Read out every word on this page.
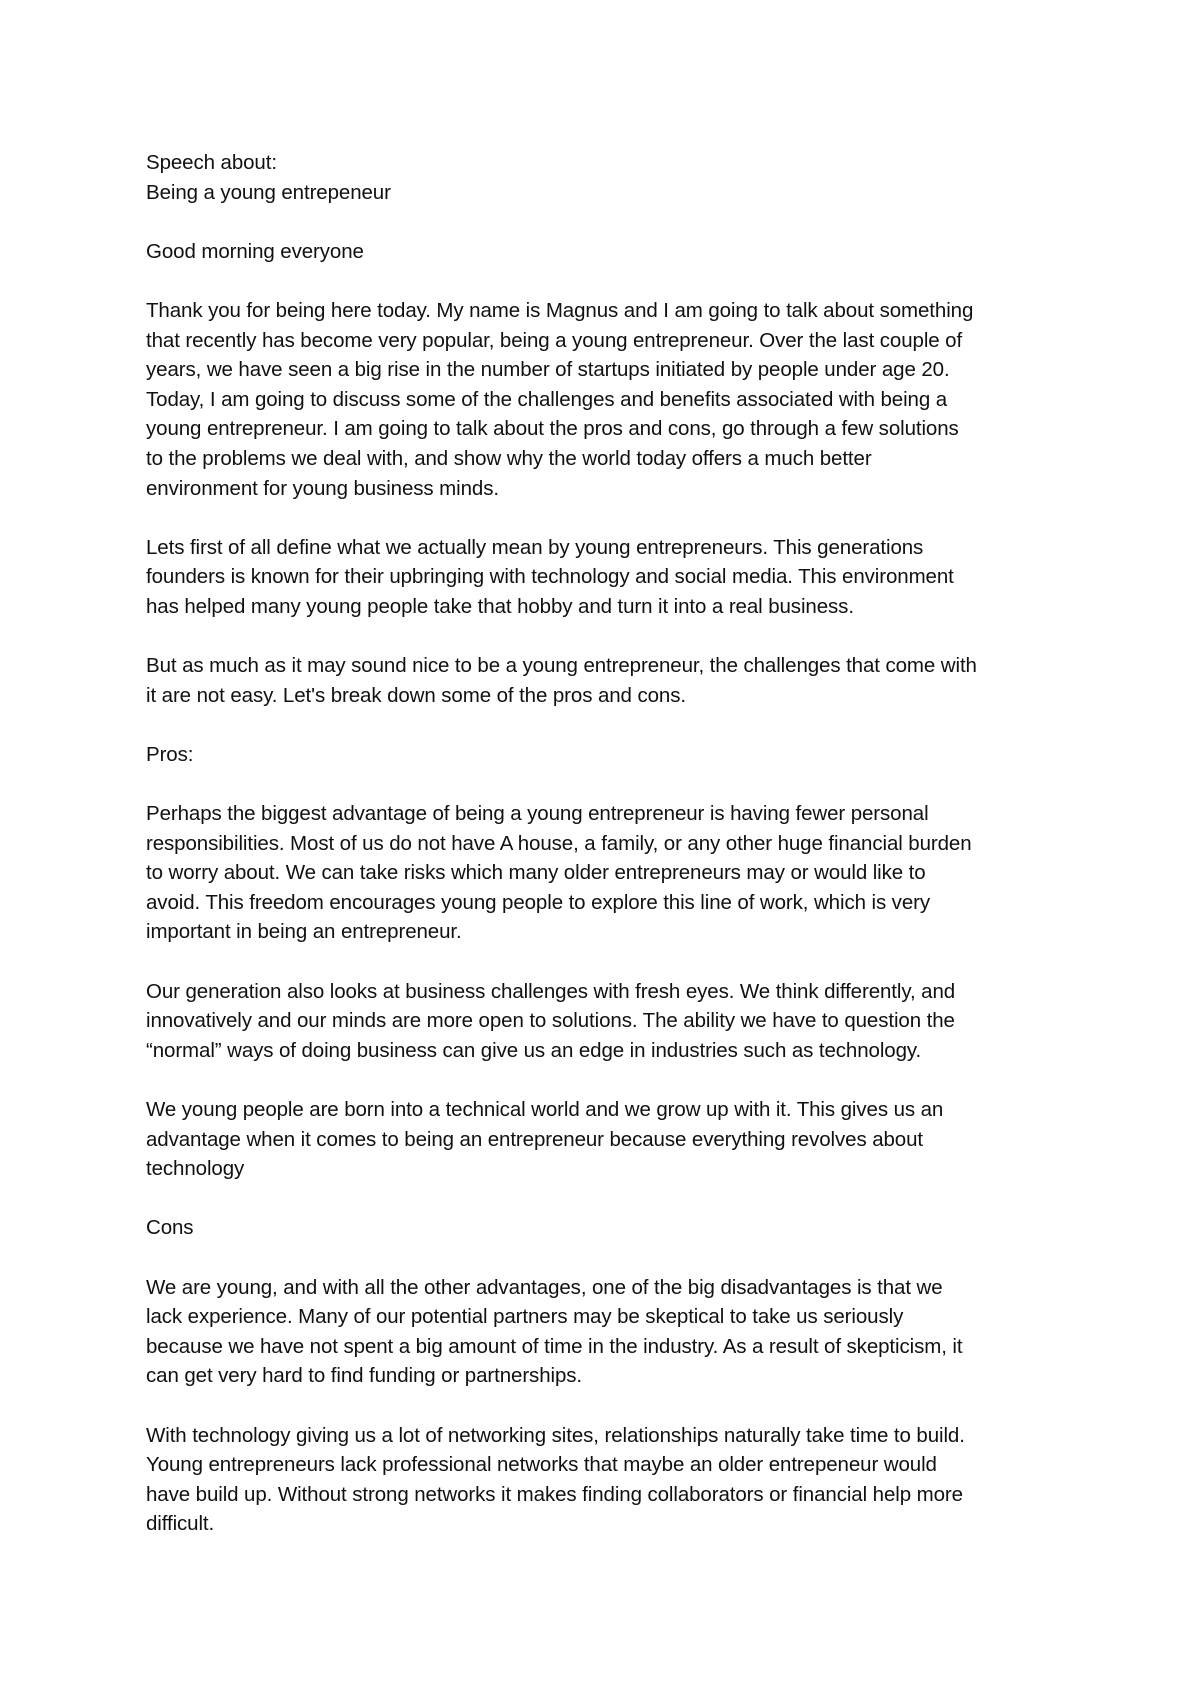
Speech about:
Being a young entrepeneur
Good morning everyone
Thank you for being here today. My name is Magnus and I am going to talk about something
that recently has become very popular, being a young entrepreneur. Over the last couple of
years, we have seen a big rise in the number of startups initiated by people under age 20.
Today, I am going to discuss some of the challenges and benefits associated with being a
young entrepreneur. I am going to talk about the pros and cons, go through a few solutions
to the problems we deal with, and show why the world today offers a much better
environment for young business minds.
Lets first of all define what we actually mean by young entrepreneurs. This generations
founders is known for their upbringing with technology and social media. This environment
has helped many young people take that hobby and turn it into a real business.
But as much as it may sound nice to be a young entrepreneur, the challenges that come with
it are not easy. Let's break down some of the pros and cons.
Pros:
Perhaps the biggest advantage of being a young entrepreneur is having fewer personal
responsibilities. Most of us do not have A house, a family, or any other huge financial burden
to worry about. We can take risks which many older entrepreneurs may or would like to
avoid. This freedom encourages young people to explore this line of work, which is very
important in being an entrepreneur.
Our generation also looks at business challenges with fresh eyes. We think differently, and
innovatively and our minds are more open to solutions. The ability we have to question the
“normal” ways of doing business can give us an edge in industries such as technology.
We young people are born into a technical world and we grow up with it. This gives us an
advantage when it comes to being an entrepreneur because everything revolves about
technology
Cons
We are young, and with all the other advantages, one of the big disadvantages is that we
lack experience. Many of our potential partners may be skeptical to take us seriously
because we have not spent a big amount of time in the industry. As a result of skepticism, it
can get very hard to find funding or partnerships.
With technology giving us a lot of networking sites, relationships naturally take time to build.
Young entrepreneurs lack professional networks that maybe an older entrepeneur would
have build up. Without strong networks it makes finding collaborators or financial help more
difficult.
